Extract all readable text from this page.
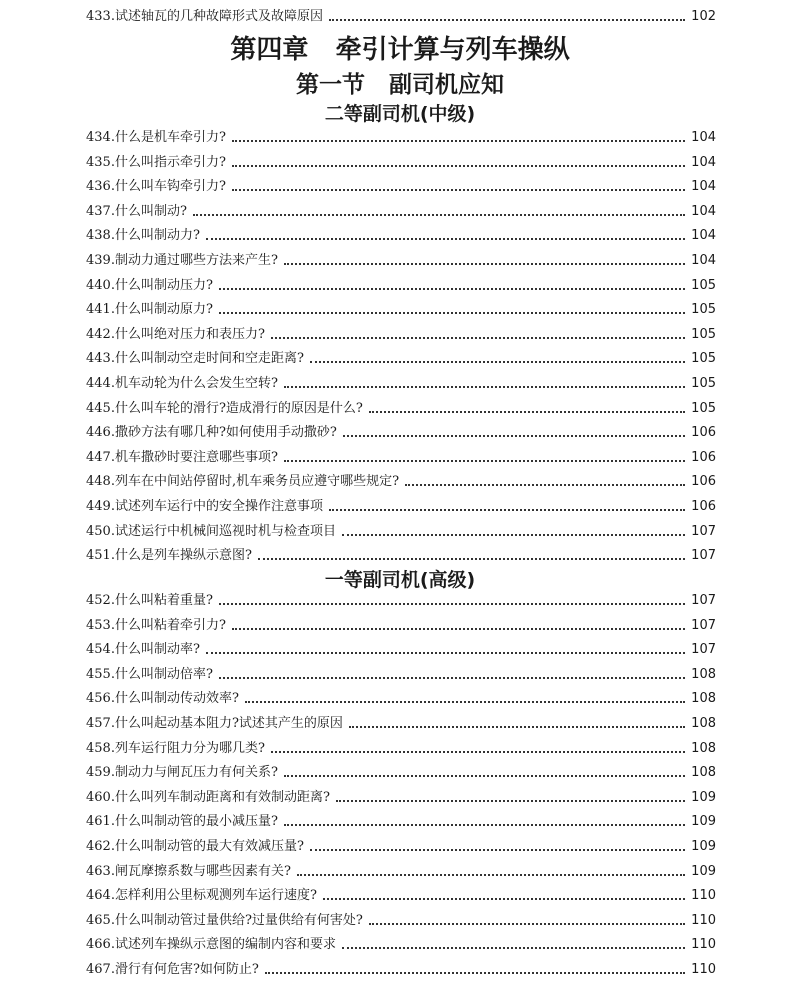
433. 试述轴瓦的几种故障形式及故障原因	102
第四章   牵引计算与列车操纵
第一节   副司机应知
二等副司机(中级)
434. 什么是机车牵引力?	104
435. 什么叫指示牵引力?	104
436. 什么叫车钩牵引力?	104
437. 什么叫制动?	104
438. 什么叫制动力?	104
439. 制动力通过哪些方法来产生?	104
440. 什么叫制动压力?	105
441. 什么叫制动原力?	105
442. 什么叫绝对压力和表压力?	105
443. 什么叫制动空走时间和空走距离?	105
444. 机车动轮为什么会发生空转?	105
445. 什么叫车轮的滑行?造成滑行的原因是什么?	105
446. 撒砂方法有哪几种?如何使用手动撒砂?	106
447. 机车撒砂时要注意哪些事项?	106
448. 列车在中间站停留时,机车乘务员应遵守哪些规定?	106
449. 试述列车运行中的安全操作注意事项	106
450. 试述运行中机械间巡视时机与检查项目	107
451. 什么是列车操纵示意图?	107
一等副司机(高级)
452. 什么叫粘着重量?	107
453. 什么叫粘着牵引力?	107
454. 什么叫制动率?	107
455. 什么叫制动倍率?	108
456. 什么叫制动传动效率?	108
457. 什么叫起动基本阻力?试述其产生的原因	108
458. 列车运行阻力分为哪几类?	108
459. 制动力与闸瓦压力有何关系?	108
460. 什么叫列车制动距离和有效制动距离?	109
461. 什么叫制动管的最小减压量?	109
462. 什么叫制动管的最大有效减压量?	109
463. 闸瓦摩擦系数与哪些因素有关?	109
464. 怎样利用公里标观测列车运行速度?	110
465. 什么叫制动管过量供给?过量供给有何害处?	110
466. 试述列车操纵示意图的编制内容和要求	110
467. 滑行有何危害?如何防止?	110
